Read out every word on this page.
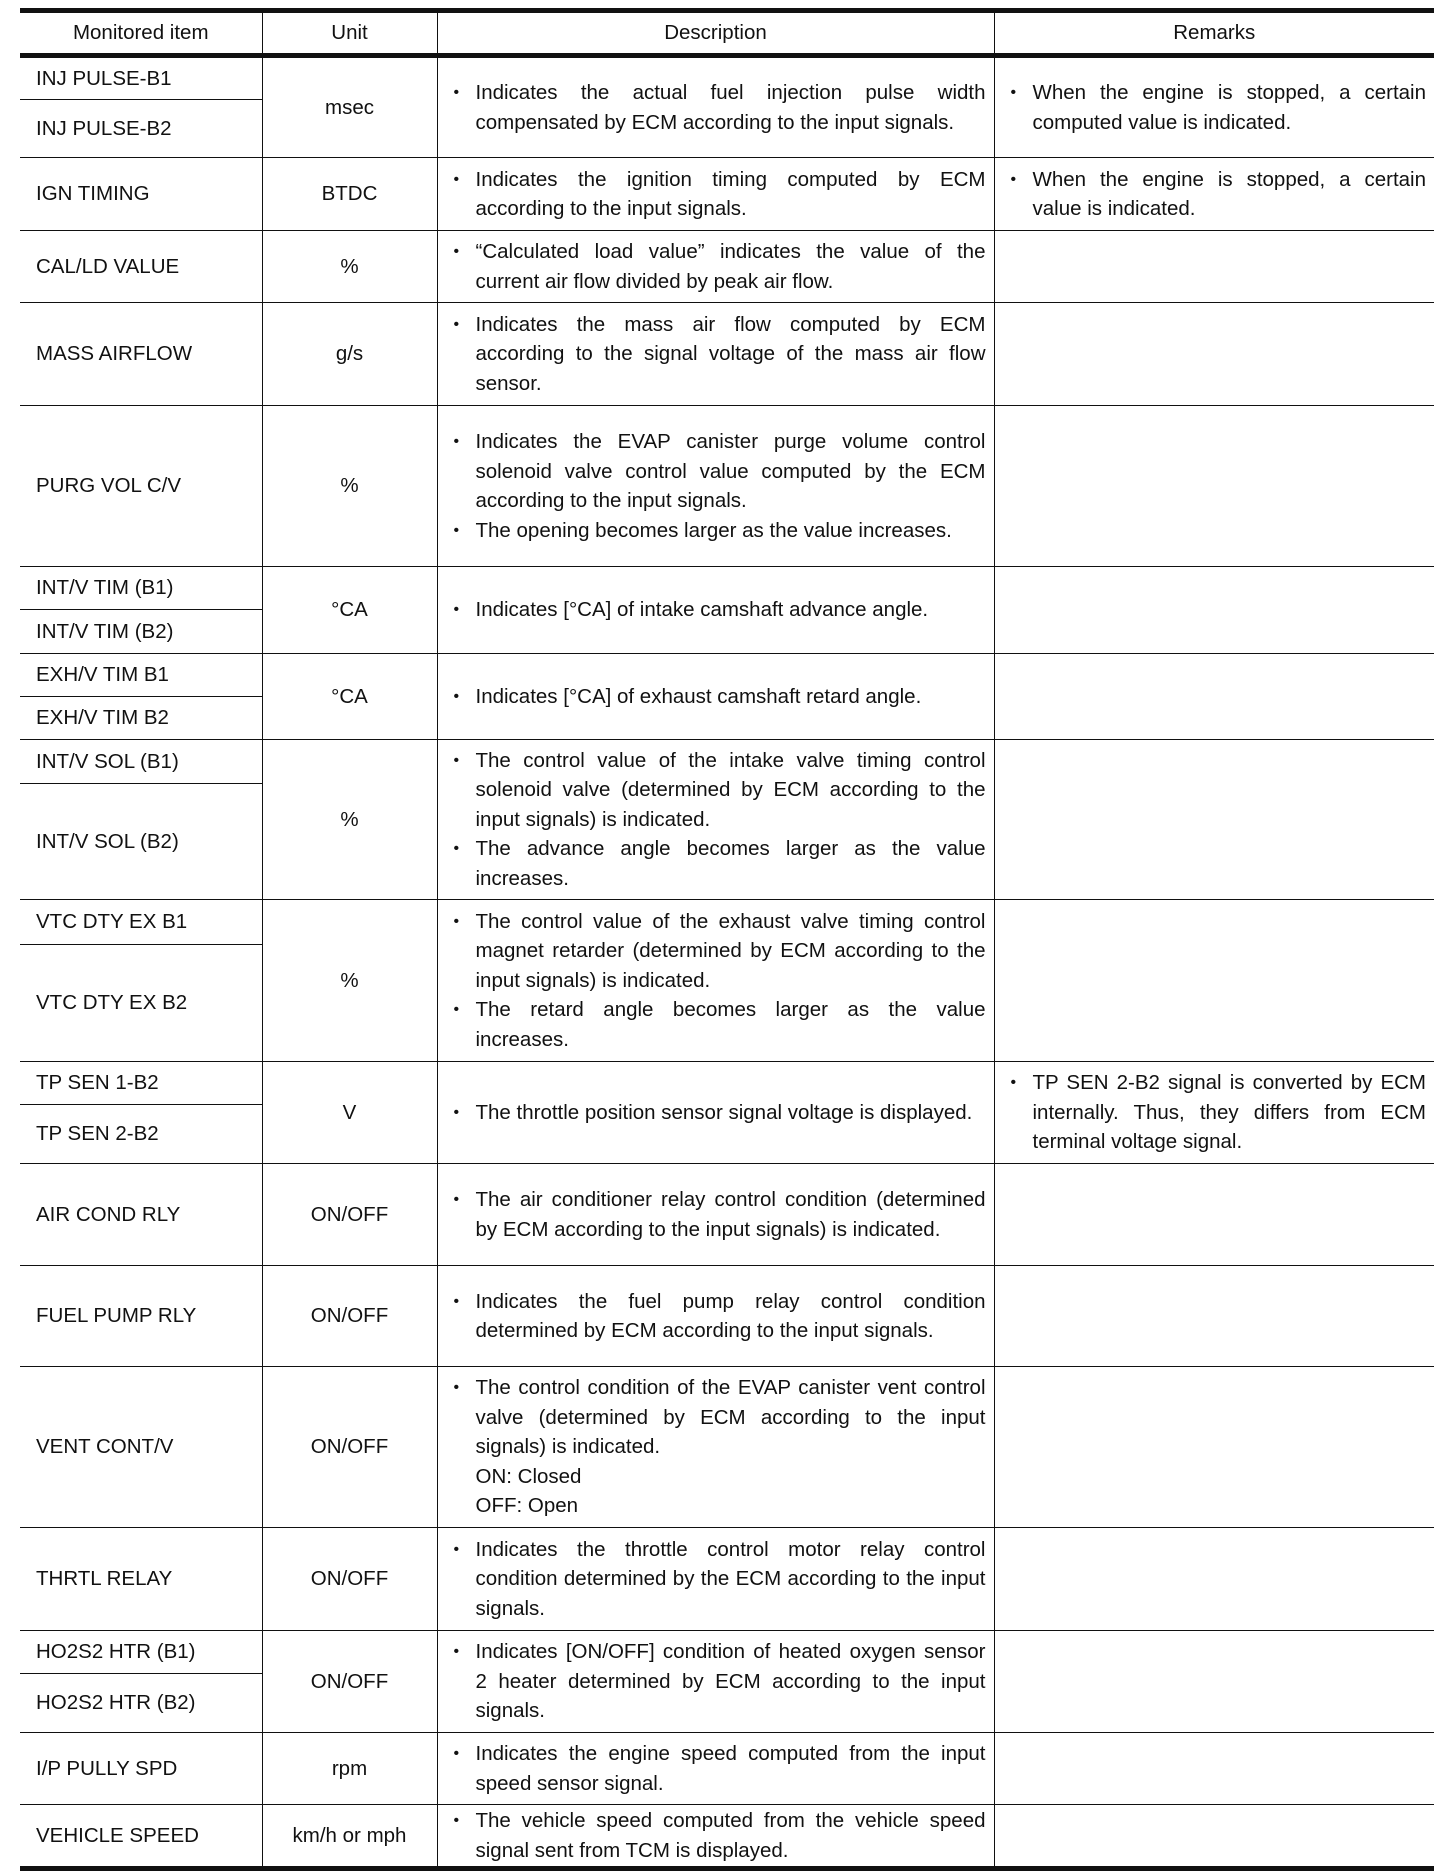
Monitored item	Unit	Description	Remarks
INJ PULSE-B1	msec	• Indicates the actual fuel injection pulse width compensated by ECM according to the input signals.	• When the engine is stopped, a certain computed value is indicated.

INJ PULSE-B2			
IGN TIMING	BTDC	• Indicates the ignition timing computed by ECM according to the input signals.	• When the engine is stopped, a certain value is indicated.

CAL/LD VALUE	%	• “Calculated load value” indicates the value of the current air flow divided by peak air flow.

MASS AIRFLOW	g/s	• Indicates the mass air flow computed by ECM according to the signal voltage of the mass air flow sensor.

PURG VOL C/V	%	• Indicates the EVAP canister purge volume control solenoid valve control value computed by the ECM according to the input signals.
• The opening becomes larger as the value increases.

INT/V TIM (B1)	°CA	• Indicates [°CA] of intake camshaft advance angle.

INT/V TIM (B2)			
EXH/V TIM B1	°CA	• Indicates [°CA] of exhaust camshaft retard angle.

EXH/V TIM B2			
INT/V SOL (B1)	%	• The control value of the intake valve timing control solenoid valve (determined by ECM according to the input signals) is indicated.
• The advance angle becomes larger as the value increases.

INT/V SOL (B2)			
VTC DTY EX B1	%	• The control value of the exhaust valve timing control magnet retarder (determined by ECM according to the input signals) is indicated.
• The retard angle becomes larger as the value increases.

VTC DTY EX B2			
TP SEN 1-B2	V	• The throttle position sensor signal voltage is displayed.	• TP SEN 2-B2 signal is converted by ECM internally. Thus, they differs from ECM terminal voltage signal.

TP SEN 2-B2			
AIR COND RLY	ON/OFF	• The air conditioner relay control condition (determined by ECM according to the input signals) is indicated.

FUEL PUMP RLY	ON/OFF	• Indicates the fuel pump relay control condition determined by ECM according to the input signals.

VENT CONT/V	ON/OFF	• The control condition of the EVAP canister vent control valve (determined by ECM according to the input signals) is indicated.
ON: Closed
OFF: Open

THRTL RELAY	ON/OFF	• Indicates the throttle control motor relay control condition determined by the ECM according to the input signals.

HO2S2 HTR (B1)	ON/OFF	• Indicates [ON/OFF] condition of heated oxygen sensor 2 heater determined by ECM according to the input signals.

HO2S2 HTR (B2)			
I/P PULLY SPD	rpm	• Indicates the engine speed computed from the input speed sensor signal.

VEHICLE SPEED	km/h or mph	• The vehicle speed computed from the vehicle speed signal sent from TCM is displayed.
